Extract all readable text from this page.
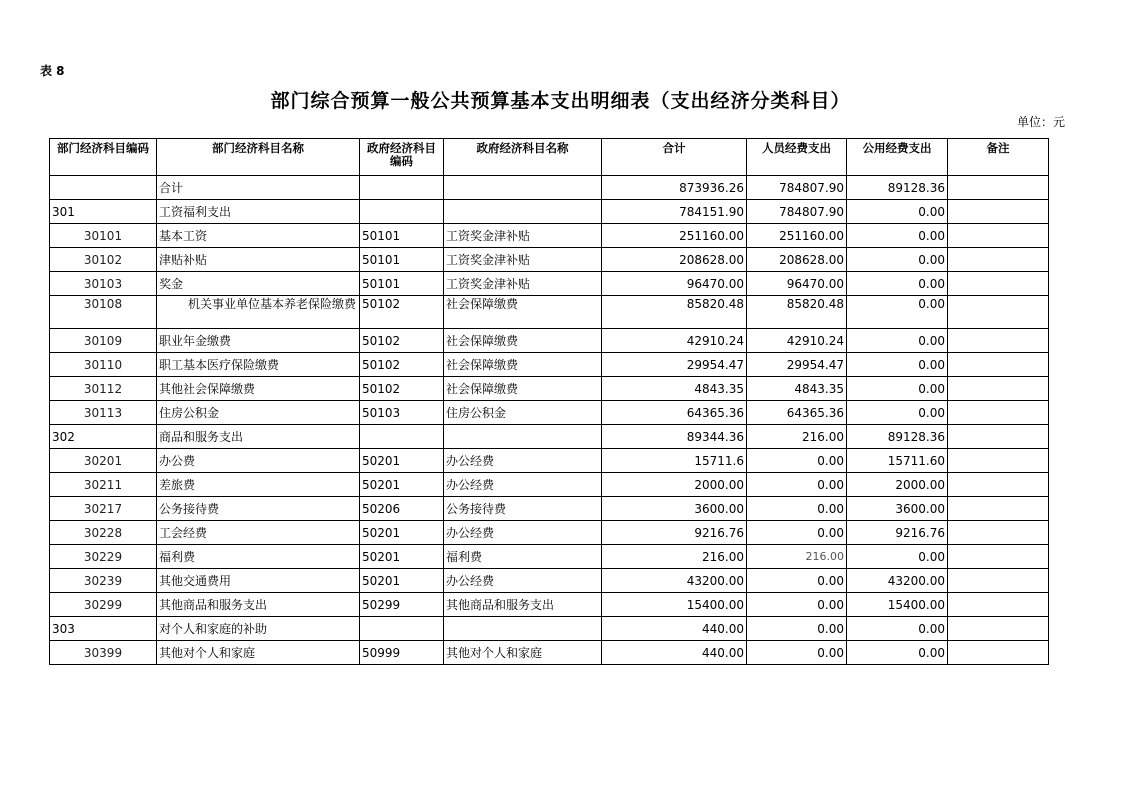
表 8
部门综合预算一般公共预算基本支出明细表（支出经济分类科目）
单位：元
部门经济科目编码	部门经济科目名称	政府经济科目编码	政府经济科目名称	合计	人员经费支出	公用经费支出	备注
	合计			873936.26	784807.90	89128.36	
301	工资福利支出			784151.90	784807.90	0.00	
30101	基本工资	50101	工资奖金津补贴	251160.00	251160.00	0.00	
30102	津贴补贴	50101	工资奖金津补贴	208628.00	208628.00	0.00	
30103	奖金	50101	工资奖金津补贴	96470.00	96470.00	0.00	
30108	机关事业单位基本养老保险缴费	50102	社会保障缴费	85820.48	85820.48	0.00	
30109	职业年金缴费	50102	社会保障缴费	42910.24	42910.24	0.00	
30110	职工基本医疗保险缴费	50102	社会保障缴费	29954.47	29954.47	0.00	
30112	其他社会保障缴费	50102	社会保障缴费	4843.35	4843.35	0.00	
30113	住房公积金	50103	住房公积金	64365.36	64365.36	0.00	
302	商品和服务支出			89344.36	216.00	89128.36	
30201	办公费	50201	办公经费	15711.6	0.00	15711.60	
30211	差旅费	50201	办公经费	2000.00	0.00	2000.00	
30217	公务接待费	50206	公务接待费	3600.00	0.00	3600.00	
30228	工会经费	50201	办公经费	9216.76	0.00	9216.76	
30229	福利费	50201	福利费	216.00	216.00	0.00	
30239	其他交通费用	50201	办公经费	43200.00	0.00	43200.00	
30299	其他商品和服务支出	50299	其他商品和服务支出	15400.00	0.00	15400.00	
303	对个人和家庭的补助			440.00	0.00	0.00	
30399	其他对个人和家庭	50999	其他对个人和家庭	440.00	0.00	0.00	
